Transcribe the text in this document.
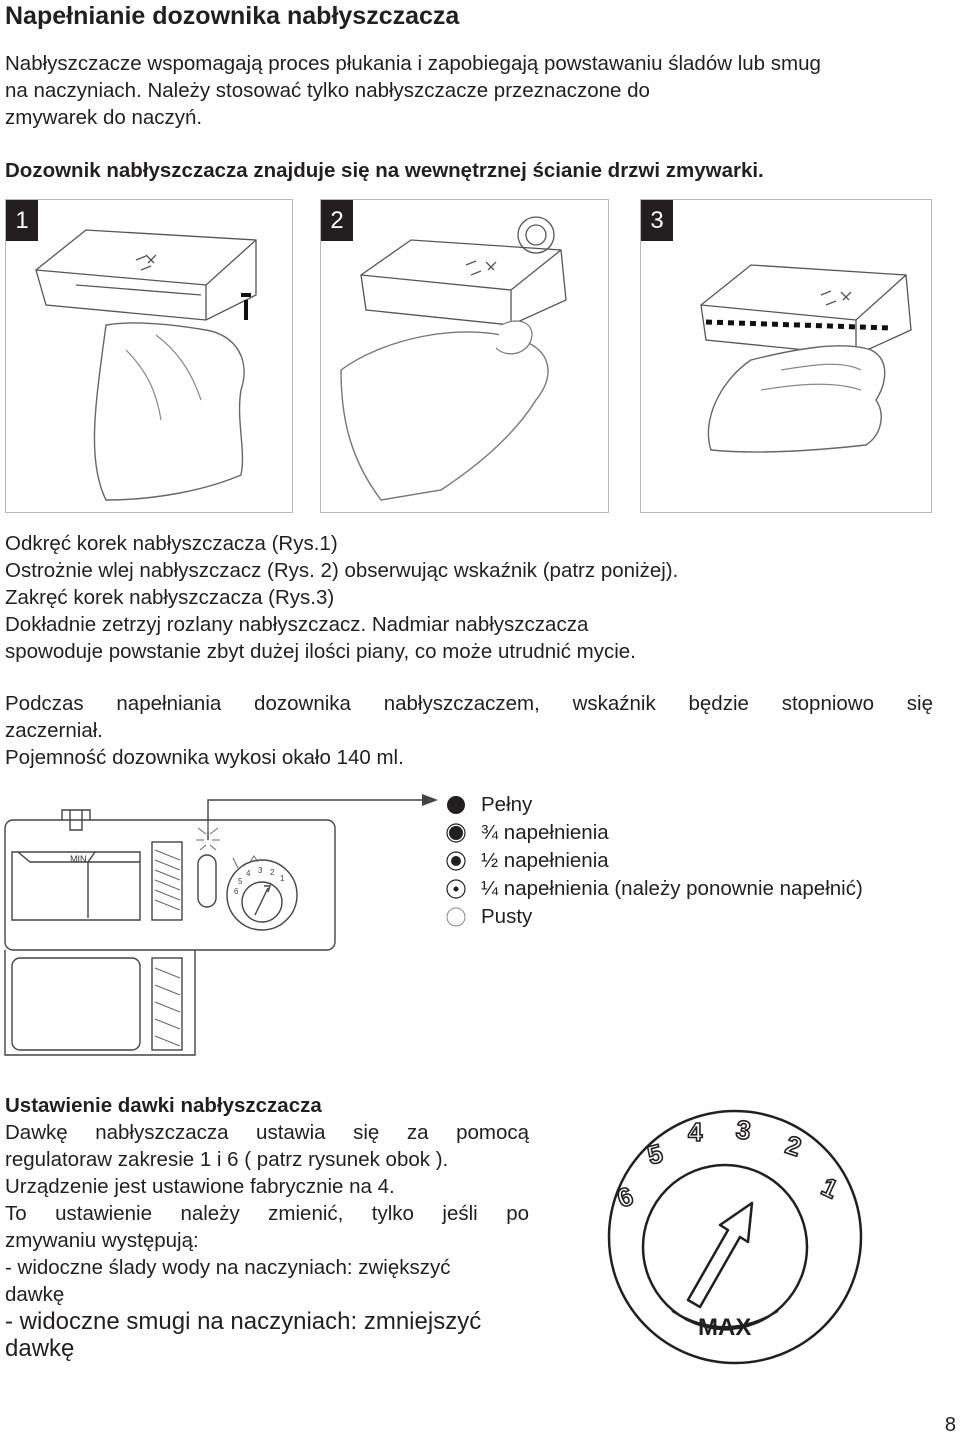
Napełnianie dozownika nabłyszczacza
Nabłyszczacze wspomagają proces płukania i zapobiegają powstawaniu śladów lub smug
na naczyniach. Należy stosować tylko nabłyszczacze przeznaczone do
zmywarek do naczyń.
Dozownik nabłyszczacza znajduje się na wewnętrznej ścianie drzwi zmywarki.
1	2	3
Odkręć korek nabłyszczacza (Rys.1)
Ostrożnie wlej nabłyszczacz (Rys. 2) obserwując wskaźnik (patrz poniżej).
Zakręć korek nabłyszczacza (Rys.3)
Dokładnie zetrzyj rozlany nabłyszczacz. Nadmiar nabłyszczacza
spowoduje powstanie zbyt dużej ilości piany, co może utrudnić mycie.
Podczas napełniania dozownika nabłyszczaczem, wskaźnik będzie stopniowo się
zaczerniał.
Pojemność dozownika wykosi okało 140 ml.
MIN
6
5
4 3 2
1
Pełny
¾ napełnienia
½ napełnienia
¼ napełnienia (należy ponownie napełnić)
Pusty
Ustawienie dawki nabłyszczacza
Dawkę nabłyszczacza ustawia się za pomocą
regulatoraw zakresie 1 i 6 ( patrz rysunek obok ).
Urządzenie jest ustawione fabrycznie na 4.
To ustawienie należy zmienić, tylko jeśli po
zmywaniu występują:
- widoczne ślady wody na naczyniach: zwiększyć
dawkę
- widoczne smugi na naczyniach: zmniejszyć
dawkę
MAX
6
5
4 3 2
1
8
